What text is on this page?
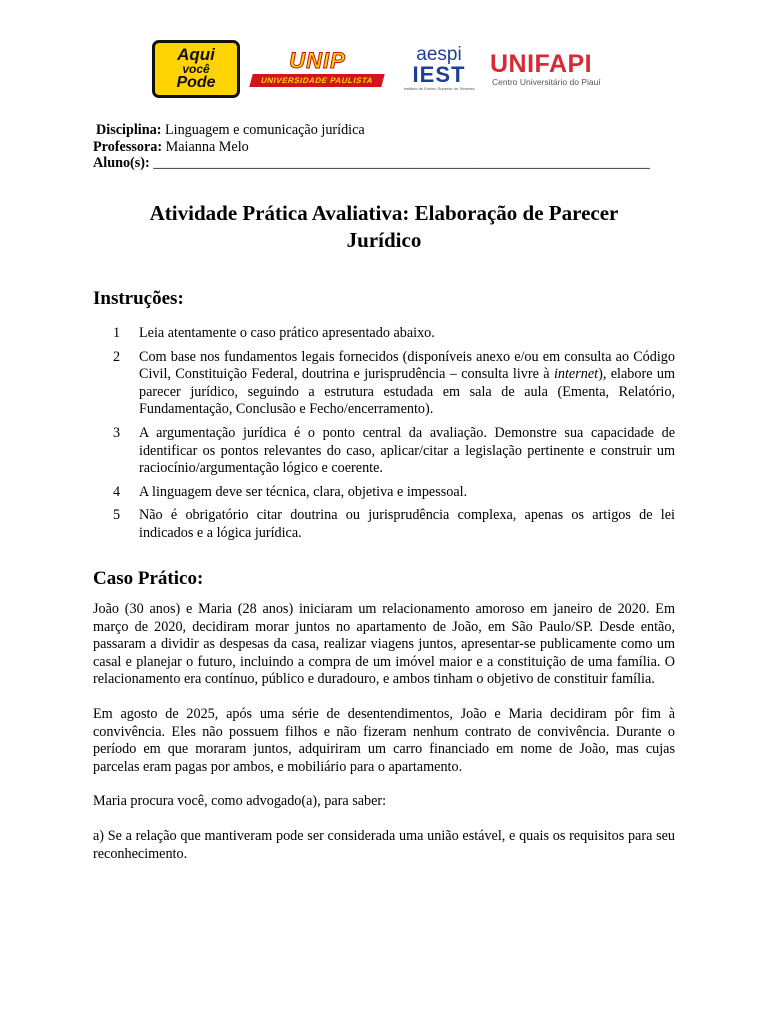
Aqui
você
Pode
UNIP
UNIVERSIDADE PAULISTA
aespi
IEST
Instituto de Ensino Superior de Teresina
UNIFAPI
Centro Universitário do Piauí
Disciplina: Linguagem e comunicação jurídica
Professora: Maianna Melo
Aluno(s): ______________________________________________________________________
Atividade Prática Avaliativa: Elaboração de Parecer
Jurídico
Instruções:
1	Leia atentamente o caso prático apresentado abaixo.
2	Com base nos fundamentos legais fornecidos (disponíveis anexo e/ou em consulta ao Código Civil, Constituição Federal, doutrina e jurisprudência – consulta livre à internet), elabore um parecer jurídico, seguindo a estrutura estudada em sala de aula (Ementa, Relatório, Fundamentação, Conclusão e Fecho/encerramento).
3	A argumentação jurídica é o ponto central da avaliação. Demonstre sua capacidade de identificar os pontos relevantes do caso, aplicar/citar a legislação pertinente e construir um raciocínio/argumentação lógico e coerente.
4	A linguagem deve ser técnica, clara, objetiva e impessoal.
5	Não é obrigatório citar doutrina ou jurisprudência complexa, apenas os artigos de lei indicados e a lógica jurídica.
Caso Prático:

João (30 anos) e Maria (28 anos) iniciaram um relacionamento amoroso em janeiro de 2020. Em março de 2020, decidiram morar juntos no apartamento de João, em São Paulo/SP. Desde então, passaram a dividir as despesas da casa, realizar viagens juntos, apresentar-se publicamente como um casal e planejar o futuro, incluindo a compra de um imóvel maior e a constituição de uma família. O relacionamento era contínuo, público e duradouro, e ambos tinham o objetivo de constituir família.

Em agosto de 2025, após uma série de desentendimentos, João e Maria decidiram pôr fim à convivência. Eles não possuem filhos e não fizeram nenhum contrato de convivência. Durante o período em que moraram juntos, adquiriram um carro financiado em nome de João, mas cujas parcelas eram pagas por ambos, e mobiliário para o apartamento.

Maria procura você, como advogado(a), para saber:

a) Se a relação que mantiveram pode ser considerada uma união estável, e quais os requisitos para seu reconhecimento.
